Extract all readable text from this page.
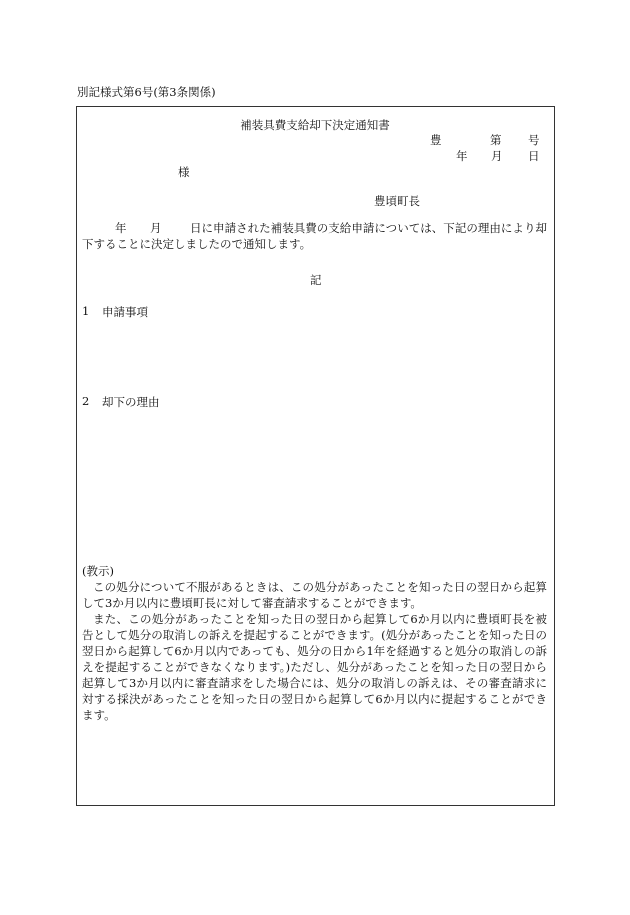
別記様式第6号(第3条関係)
補装具費支給却下決定通知書
豊	第 号
年 月 日
様
豊頃町長
年 月	日に申請された補装具費の支給申請については、下記の理由により却下することに決定しましたので通知します。
記
1 申請事項
2 却下の理由
(教示)
この処分について不服があるときは、この処分があったことを知った日の翌日から起算して3か月以内に豊頃町長に対して審査請求することができます。
また、この処分があったことを知った日の翌日から起算して6か月以内に豊頃町長を被告として処分の取消しの訴えを提起することができます。(処分があったことを知った日の翌日から起算して6か月以内であっても、処分の日から1年を経過すると処分の取消しの訴えを提起することができなくなります。)ただし、処分があったことを知った日の翌日から起算して3か月以内に審査請求をした場合には、処分の取消しの訴えは、その審査請求に対する採決があったことを知った日の翌日から起算して6か月以内に提起することができます。
